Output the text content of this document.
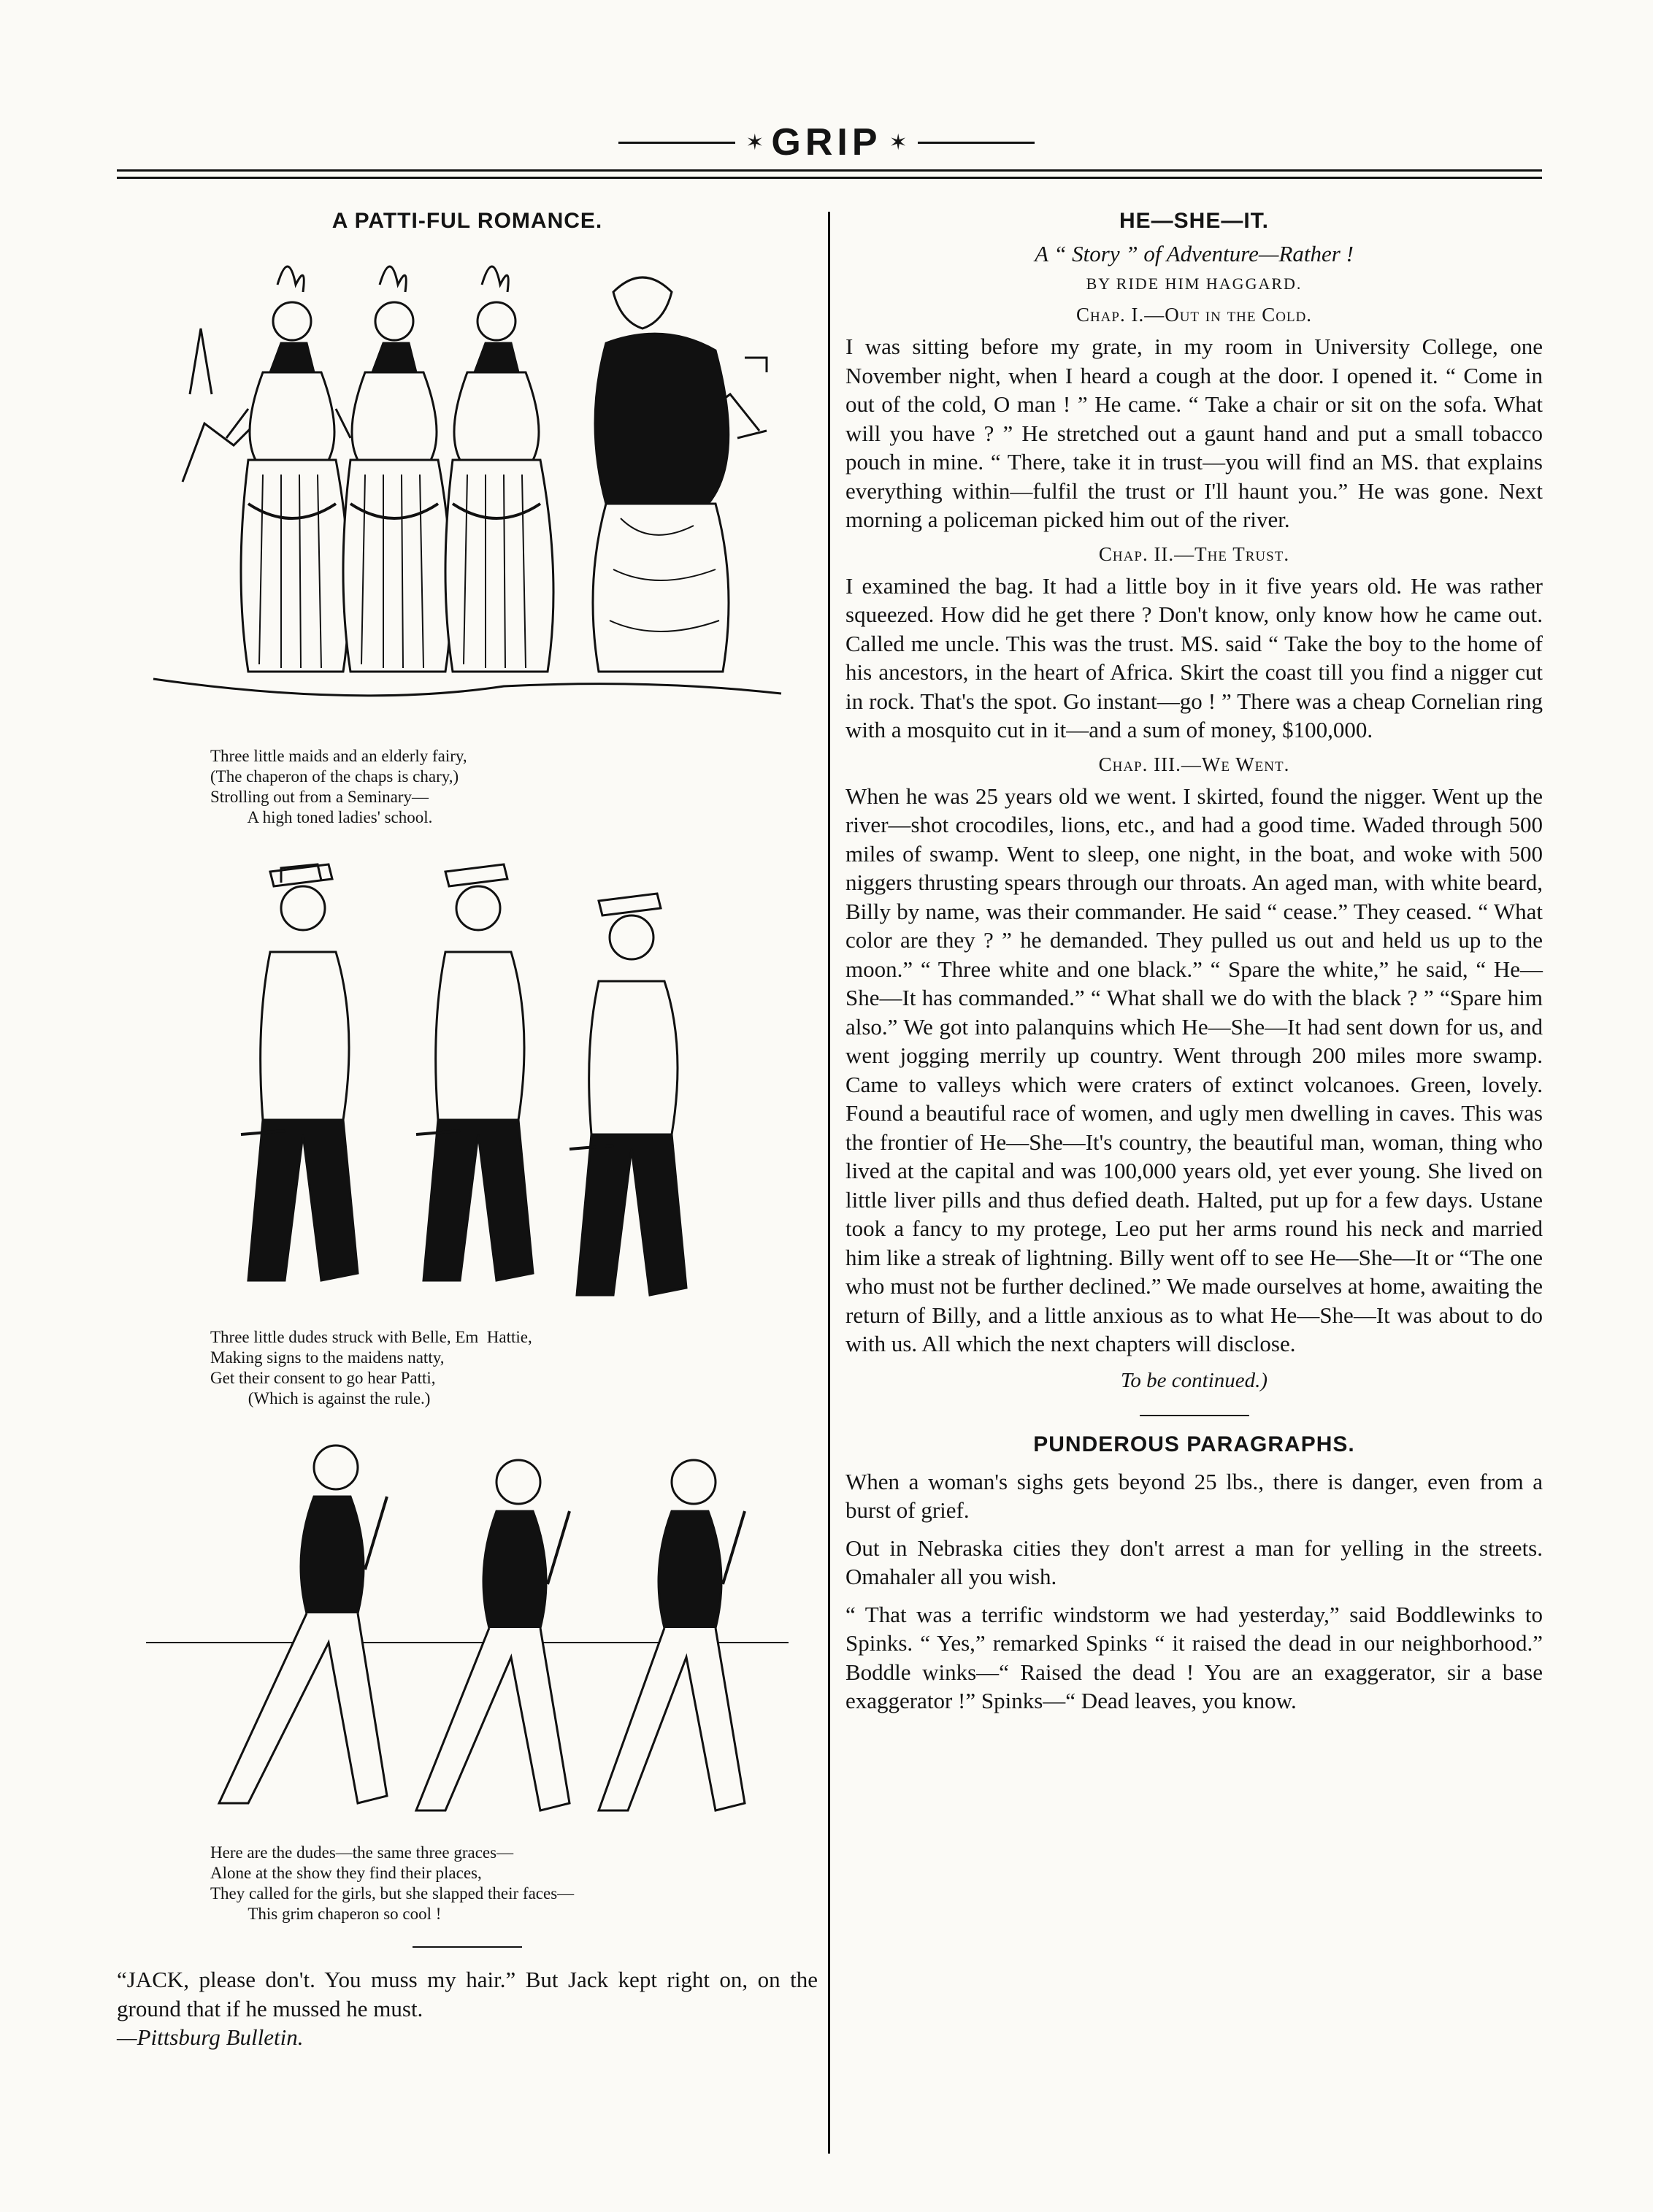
✶ GRIP ✶
A PATTI-FUL ROMANCE.
Three little maids and an elderly fairy,
(The chaperon of the chaps is chary,)
Strolling out from a Seminary—
A high toned ladies' school.
Three little dudes struck with Belle, Em  Hattie,
Making signs to the maidens natty,
Get their consent to go hear Patti,
(Which is against the rule.)
Here are the dudes—the same three graces—
Alone at the show they find their places,
They called for the girls, but she slapped their faces—
This grim chaperon so cool !

“JACK, please don't. You muss my hair.” But Jack kept right on, on the ground that if he mussed he must.

—Pittsburg Bulletin.

HE—SHE—IT.
A “ Story ” of Adventure—Rather !
BY RIDE HIM HAGGARD.
Chap. I.—Out in the Cold.

I was sitting before my grate, in my room in University College, one November night, when I heard a cough at the door. I opened it. “ Come in out of the cold, O man ! ” He came. “ Take a chair or sit on the sofa. What will you have ? ” He stretched out a gaunt hand and put a small tobacco pouch in mine. “ There, take it in trust—you will find an MS. that explains everything within—fulfil the trust or I'll haunt you.” He was gone. Next morning a policeman picked him out of the river.

Chap. II.—The Trust.

I examined the bag. It had a little boy in it five years old. He was rather squeezed. How did he get there ? Don't know, only know how he came out. Called me uncle. This was the trust. MS. said “ Take the boy to the home of his ancestors, in the heart of Africa. Skirt the coast till you find a nigger cut in rock. That's the spot. Go instant—go ! ” There was a cheap Cornelian ring with a mosquito cut in it—and a sum of money, $100,000.

Chap. III.—We Went.

When he was 25 years old we went. I skirted, found the nigger. Went up the river—shot crocodiles, lions, etc., and had a good time. Waded through 500 miles of swamp. Went to sleep, one night, in the boat, and woke with 500 niggers thrusting spears through our throats. An aged man, with white beard, Billy by name, was their commander. He said “ cease.” They ceased. “ What color are they ? ” he demanded. They pulled us out and held us up to the moon.” “ Three white and one black.” “ Spare the white,” he said, “ He—She—It has commanded.” “ What shall we do with the black ? ” “Spare him also.” We got into palanquins which He—She—It had sent down for us, and went jogging merrily up country. Went through 200 miles more swamp. Came to valleys which were craters of extinct volcanoes. Green, lovely. Found a beautiful race of women, and ugly men dwelling in caves. This was the frontier of He—She—It's country, the beautiful man, woman, thing who lived at the capital and was 100,000 years old, yet ever young. She lived on little liver pills and thus defied death. Halted, put up for a few days. Ustane took a fancy to my protege, Leo put her arms round his neck and married him like a streak of lightning. Billy went off to see He—She—It or “The one who must not be further declined.” We made ourselves at home, awaiting the return of Billy, and a little anxious as to what He—She—It was about to do with us. All which the next chapters will disclose.

To be continued.)
PUNDEROUS PARAGRAPHS.

When a woman's sighs gets beyond 25 lbs., there is danger, even from a burst of grief.

Out in Nebraska cities they don't arrest a man for yelling in the streets. Omahaler all you wish.

“ That was a terrific windstorm we had yesterday,” said Boddlewinks to Spinks. “ Yes,” remarked Spinks “ it raised the dead in our neighborhood.” Boddle winks—“ Raised the dead ! You are an exaggerator, sir a base exaggerator !” Spinks—“ Dead leaves, you know.
